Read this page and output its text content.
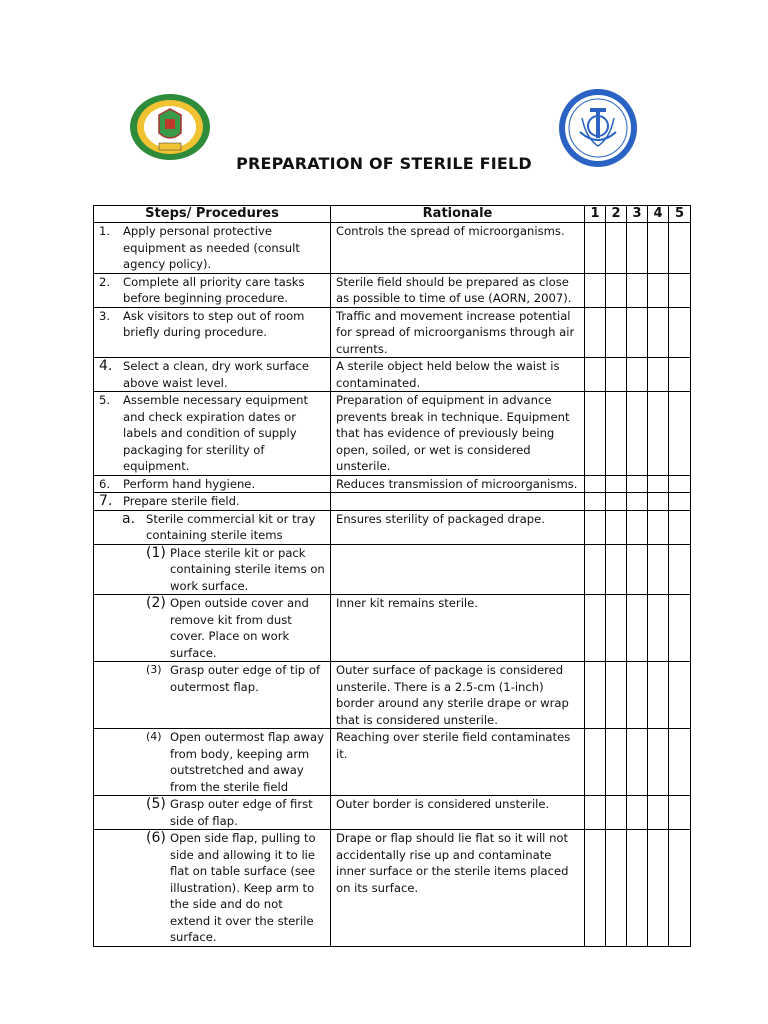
PREPARATION OF STERILE FIELD
Steps/ Procedures	Rationale	1	2	3	4	5

1. Apply personal protective equipment as needed (consult agency policy).	Controls the spread of microorganisms.					

2. Complete all priority care tasks before beginning procedure.	Sterile field should be prepared as close as possible to time of use (AORN, 2007).					

3. Ask visitors to step out of room briefly during procedure.	Traffic and movement increase potential for spread of microorganisms through air currents.					

4. Select a clean, dry work surface above waist level.	A sterile object held below the waist is contaminated.					

5. Assemble necessary equipment and check expiration dates or labels and condition of supply packaging for sterility of equipment.	Preparation of equipment in advance prevents break in technique. Equipment that has evidence of previously being open, soiled, or wet is considered unsterile.					

6. Perform hand hygiene.	Reduces transmission of microorganisms.					

7. Prepare sterile field.						

a. Sterile commercial kit or tray containing sterile items	Ensures sterility of packaged drape.					

(1) Place sterile kit or pack containing sterile items on work surface.						

(2) Open outside cover and remove kit from dust cover. Place on work surface.	Inner kit remains sterile.					

(3) Grasp outer edge of tip of outermost flap.	Outer surface of package is considered unsterile. There is a 2.5-cm (1-inch) border around any sterile drape or wrap that is considered unsterile.					

(4) Open outermost flap away from body, keeping arm outstretched and away from the sterile field	Reaching over sterile field contaminates it.					

(5) Grasp outer edge of first side of flap.	Outer border is considered unsterile.					

(6) Open side flap, pulling to side and allowing it to lie flat on table surface (see illustration). Keep arm to the side and do not extend it over the sterile surface.	Drape or flap should lie flat so it will not accidentally rise up and contaminate inner surface or the sterile items placed on its surface.					
